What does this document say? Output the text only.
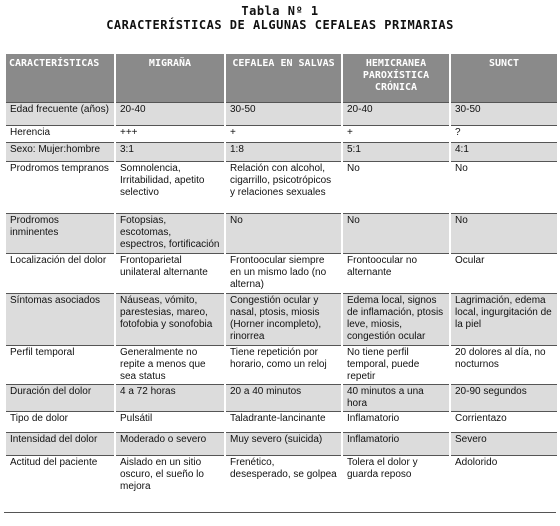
Tabla Nº 1
CARACTERÍSTICAS DE ALGUNAS CEFALEAS PRIMARIAS
CARACTERÍSTICAS	MIGRAÑA	CEFALEA EN SALVAS	HEMICRANEA PAROXÍSTICA CRÓNICA	SUNCT
Edad frecuente (años)	20-40	30-50	20-40	30-50
Herencia	+++	+	+	?
Sexo: Mujer:hombre	3:1	1:8	5:1	4:1
Prodromos tempranos	Somnolencia, Irritabilidad, apetito selectivo	Relación con alcohol, cigarrillo, psicotrópicos y relaciones sexuales	No	No
Prodromos inminentes	Fotopsias, escotomas, espectros, fortificación	No	No	No
Localización del dolor	Frontoparietal unilateral alternante	Frontoocular siempre en un mismo lado (no alterna)	Frontoocular no alternante	Ocular
Síntomas asociados	Náuseas, vómito, parestesias, mareo, fotofobia y sonofobia	Congestión ocular y nasal, ptosis, miosis (Horner incompleto), rinorrea	Edema local, signos de inflamación, ptosis leve, miosis, congestión ocular	Lagrimación, edema local, ingurgitación de la piel
Perfil temporal	Generalmente no repite a menos que sea status	Tiene repetición por horario, como un reloj	No tiene perfil temporal, puede repetir	20 dolores al día, no nocturnos
Duración del dolor	4 a 72 horas	20 a 40 minutos	40 minutos a una hora	20-90 segundos
Tipo de dolor	Pulsátil	Taladrante-lancinante	Inflamatorio	Corrientazo
Intensidad del dolor	Moderado o severo	Muy severo (suicida)	Inflamatorio	Severo
Actitud del paciente	Aislado en un sitio oscuro, el sueño lo mejora	Frenético, desesperado, se golpea	Tolera el dolor y guarda reposo	Adolorido
